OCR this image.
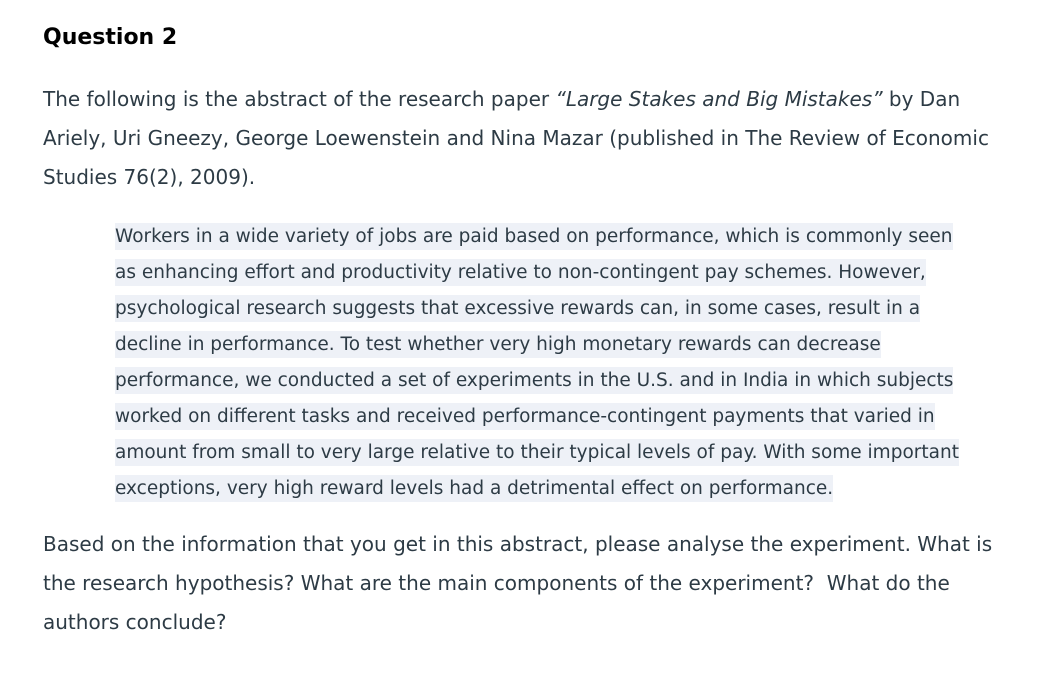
Question 2

The following is the abstract of the research paper “Large Stakes and Big Mistakes” by Dan Ariely, Uri Gneezy, George Loewenstein and Nina Mazar (published in The Review of Economic Studies 76(2), 2009).

Workers in a wide variety of jobs are paid based on performance, which is commonly seen as enhancing effort and productivity relative to non-contingent pay schemes. However, psychological research suggests that excessive rewards can, in some cases, result in a decline in performance. To test whether very high monetary rewards can decrease performance, we conducted a set of experiments in the U.S. and in India in which subjects worked on different tasks and received performance-contingent payments that varied in amount from small to very large relative to their typical levels of pay. With some important exceptions, very high reward levels had a detrimental effect on performance.

Based on the information that you get in this abstract, please analyse the experiment. What is the research hypothesis? What are the main components of the experiment?  What do the authors conclude?
